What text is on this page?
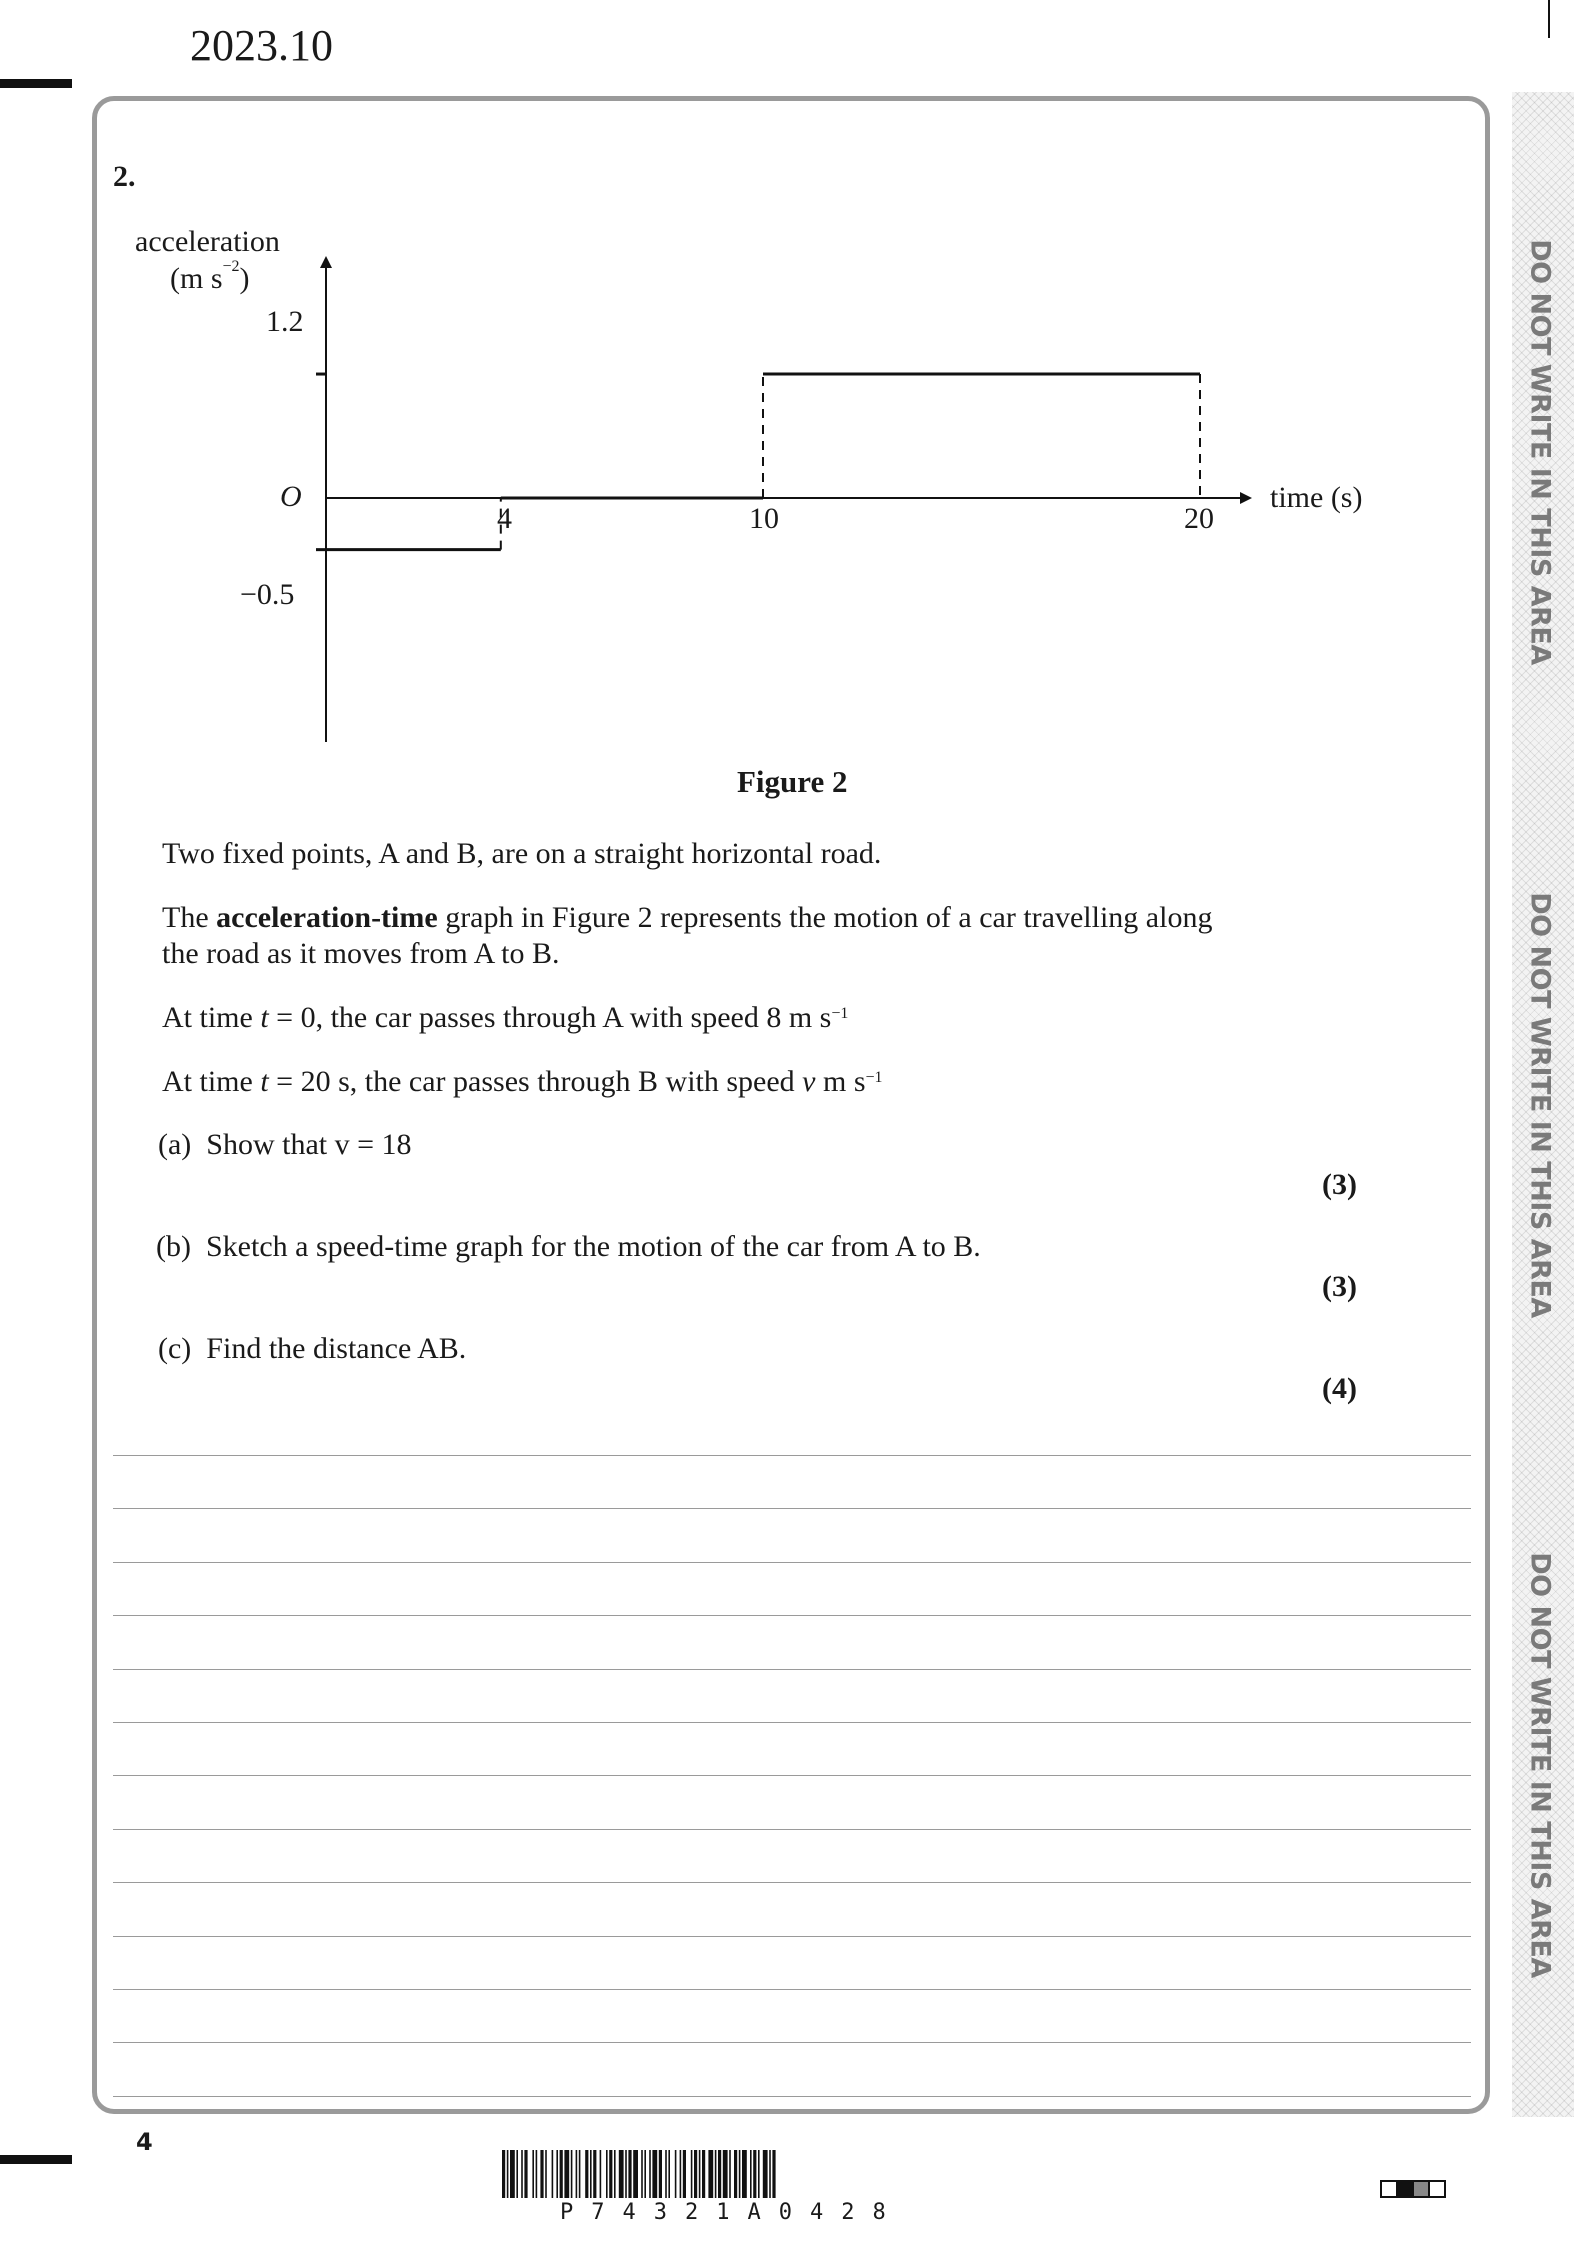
2023.10
DO NOT WRITE IN THIS AREA
DO NOT WRITE IN THIS AREA
DO NOT WRITE IN THIS AREA
2.
acceleration
(m $s^{-2}$)
1.2
−0.5
O
4	10	20
time (s)
Figure 2
Two fixed points, A and B, are on a straight horizontal road.
The acceleration-time graph in Figure 2 represents the motion of a car travelling along
the road as it moves from A to B.
At time t = 0, the car passes through A with speed 8 m $s^{-1}$
At time t = 20 s, the car passes through B with speed v m $s^{-1}$
(a) Show that v = 18
(3)
(b) Sketch a speed-time graph for the motion of the car from A to B.
(3)
(c) Find the distance AB.
(4)
4
P74321A0428
